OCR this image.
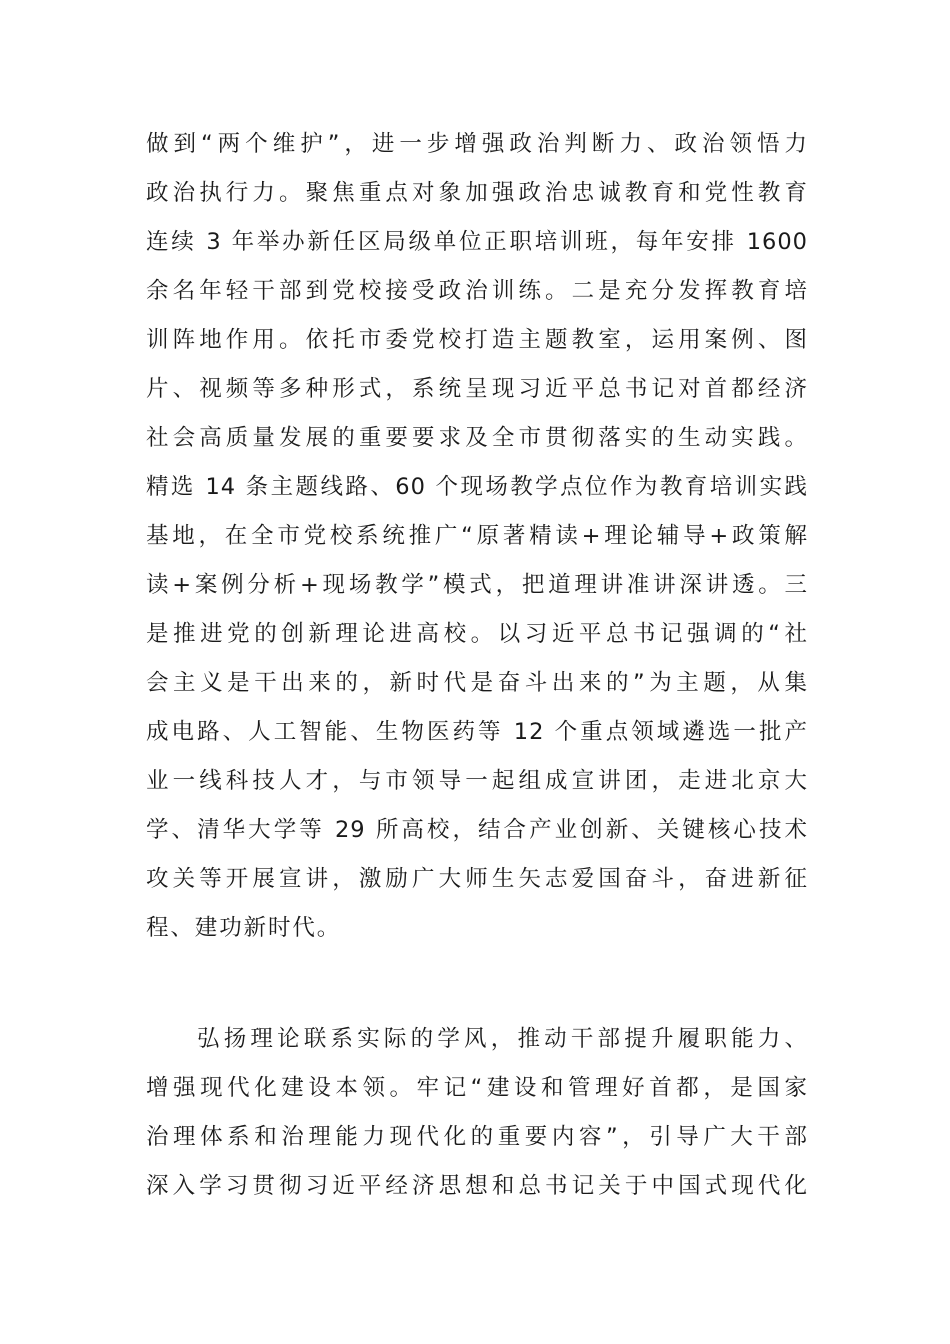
做到“两个维护”，进一步增强政治判断力、政治领悟力
政治执行力。聚焦重点对象加强政治忠诚教育和党性教育
连续 3 年举办新任区局级单位正职培训班，每年安排 1600
余名年轻干部到党校接受政治训练。二是充分发挥教育培
训阵地作用。依托市委党校打造主题教室，运用案例、图
片、视频等多种形式，系统呈现习近平总书记对首都经济
社会高质量发展的重要要求及全市贯彻落实的生动实践。
精选 14 条主题线路、60 个现场教学点位作为教育培训实践
基地，在全市党校系统推广“原著精读+理论辅导+政策解
读+案例分析+现场教学”模式，把道理讲准讲深讲透。三
是推进党的创新理论进高校。以习近平总书记强调的“社
会主义是干出来的，新时代是奋斗出来的”为主题，从集
成电路、人工智能、生物医药等 12 个重点领域遴选一批产
业一线科技人才，与市领导一起组成宣讲团，走进北京大
学、清华大学等 29 所高校，结合产业创新、关键核心技术
攻关等开展宣讲，激励广大师生矢志爱国奋斗，奋进新征
程、建功新时代。
弘扬理论联系实际的学风，推动干部提升履职能力、
增强现代化建设本领。牢记“建设和管理好首都，是国家
治理体系和治理能力现代化的重要内容”，引导广大干部
深入学习贯彻习近平经济思想和总书记关于中国式现代化
